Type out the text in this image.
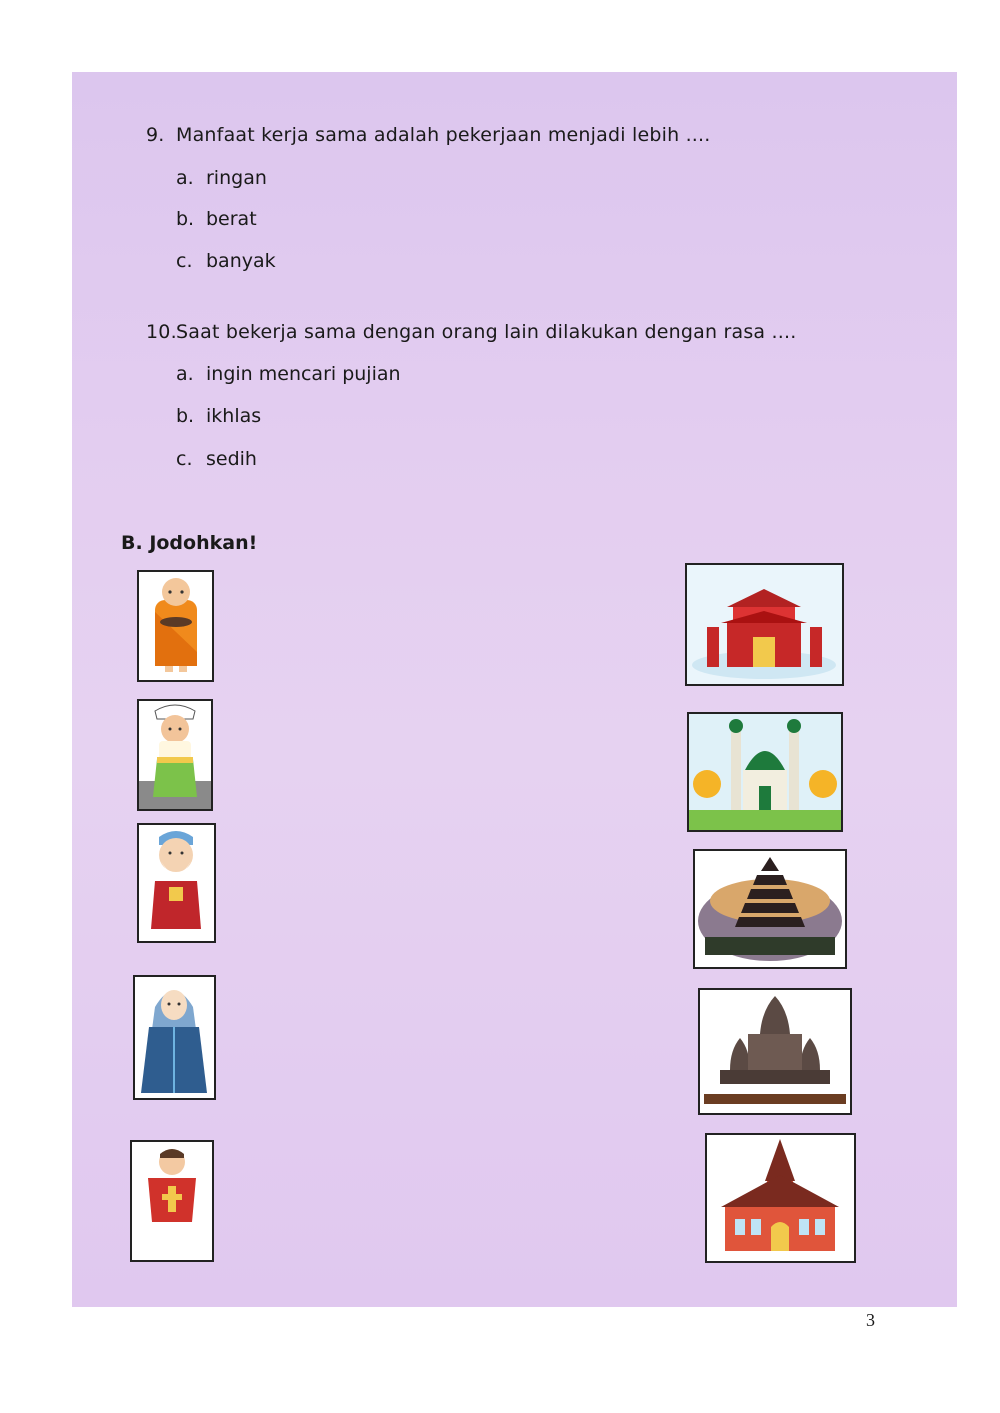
9. Manfaat kerja sama adalah pekerjaan menjadi lebih ....
a. ringan
b. berat
c. banyak
10.Saat bekerja sama dengan orang lain dilakukan dengan rasa ....
a. ingin mencari pujian
b. ikhlas
c. sedih
B. Jodohkan!
3
